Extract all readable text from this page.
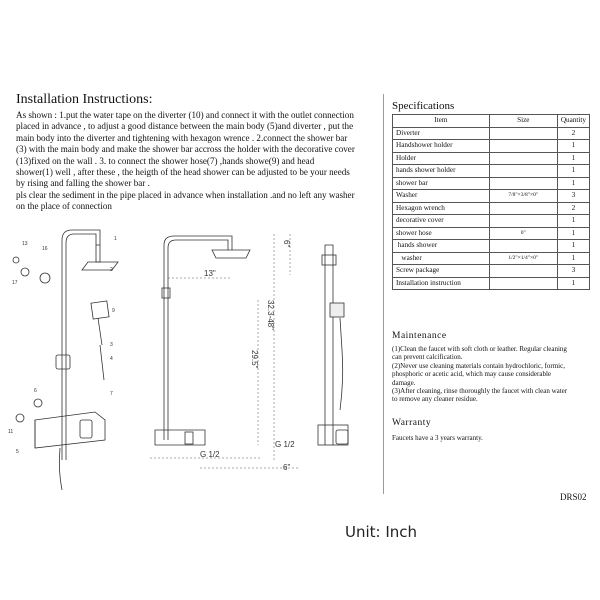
Installation Instructions:

As shown : 1.put the water tape on the diverter (10) and connect it with the outlet connection

placed in advance , to adjust a good distance between the main body (5)and diverter , put the

main body into the diverter and tightening with hexagon wrence . 2.connect the shower bar

(3) with the main body and make the shower bar accross the holder with the decorative cover

(13)fixed on the wall . 3. to connect the shower hose(7) ,hands showe(9) and head

shower(1) well , after these , the heigth of the head shower can be adjusted to be your needs

by rising and falling the shower bar .

pls clear the sediment in the pipe placed in advance when installation .and no left any washer

on the place of connection

1
2
3
4
5
6	7
9
11
13
16
17
13"
32.3-48"
29.5"
6"
G 1/2
G 1/2
6"
Specifications
Item	Size	Quantity
Diverter		2
Handshower holder		1
Holder		1
hands shower holder		1
shower bar		1
Washer	7/8"×3/8"×0"	3
Hexagon wrench		2
decorative cover		1
shower hose	0"	1
hands shower		1
washer	1/2"×1/4"×0"	1
Screw package		3
Installation instruction		1
Maintenance

(1)Clean the faucet with soft cloth or leather. Regular cleaning

can prevent calcification.

(2)Never use cleaning materials contain hydrochloric, formic,

phosphoric or acetic acid, which may cause considerable

damage.

(3)After cleaning, rinse thoroughly the faucet with clean water

to remove any cleaner residue.

Warranty
Faucets have a 3 years warranty.
DRS02
Unit: Inch
